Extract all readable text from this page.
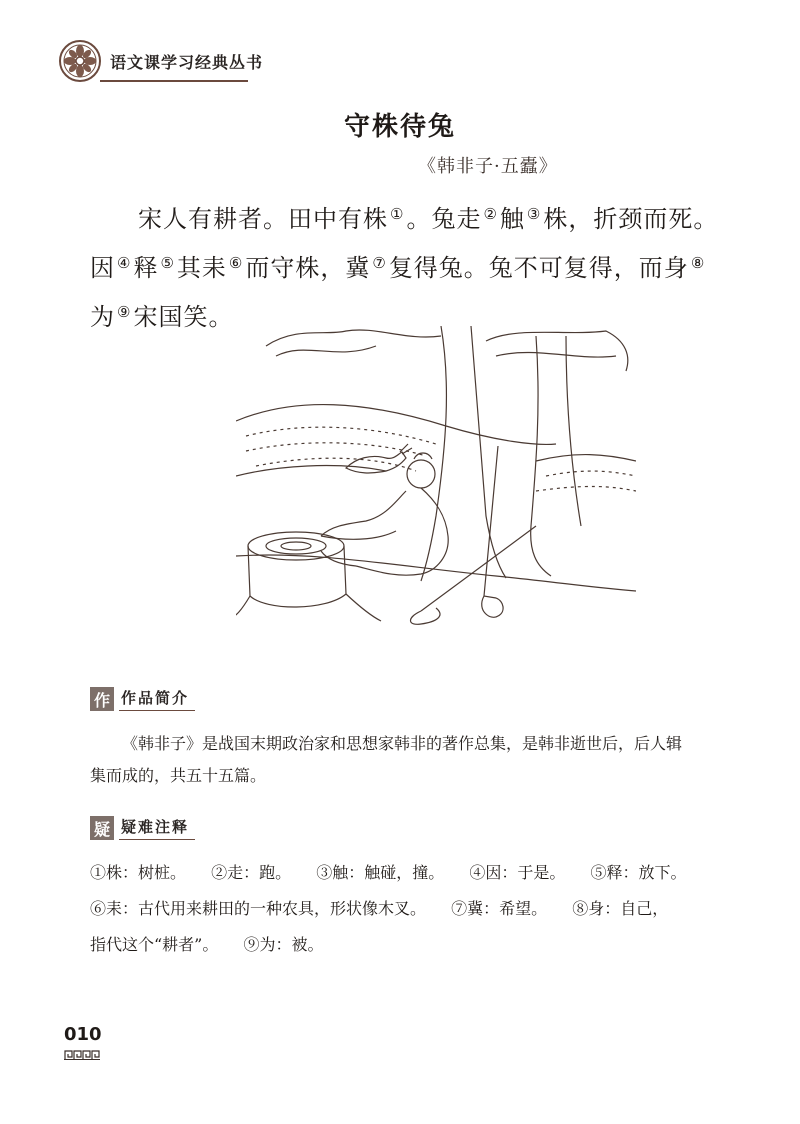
语文课学习经典丛书
守株待兔
《韩非子·五蠹》
宋人有耕者。田中有株 ①。兔走 ②触 ③株，折颈而死。
因 ④释 ⑤其耒 ⑥而守株，冀 ⑦复得兔。兔不可复得，而身 ⑧
为 ⑨宋国笑。
作 作品简介
《韩非子》是战国末期政治家和思想家韩非的著作总集，是韩非逝世后，后人辑
集而成的，共五十五篇。
疑 疑难注释
①株：树桩。 ②走：跑。 ③触：触碰，撞。 ④因：于是。 ⑤释：放下。
⑥耒：古代用来耕田的一种农具，形状像木叉。 ⑦冀：希望。 ⑧身：自己，
指代这个“耕者”。 ⑨为：被。
010
